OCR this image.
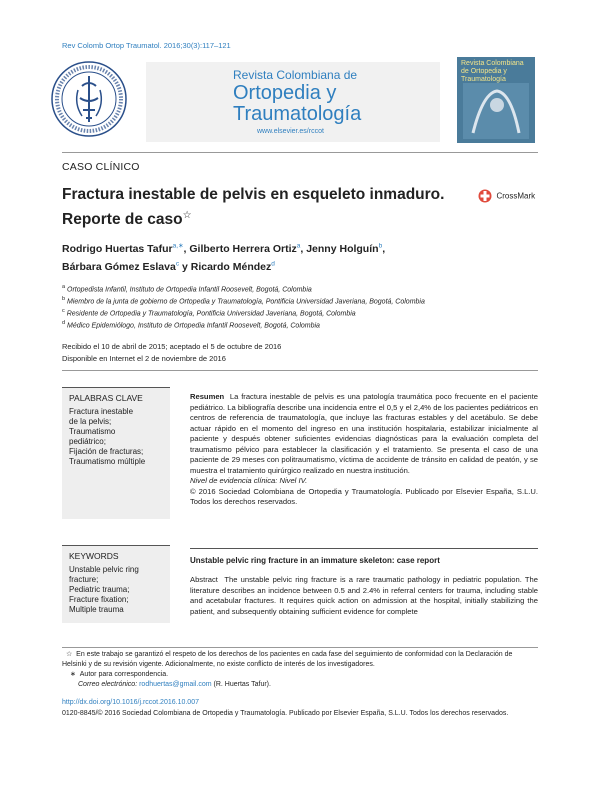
Rev Colomb Ortop Traumatol. 2016;30(3):117–121
Revista Colombiana de
Ortopedia y
Traumatología
www.elsevier.es/rccot
Revista Colombiana de Ortopedia y Traumatología
CASO CLÍNICO
Fractura inestable de pelvis en esqueleto inmaduro.
Reporte de caso☆
CrossMark
Rodrigo Huertas Tafur$^{a,∗}$, Gilberto Herrera Ortiz$^a$, Jenny Holguín$^b$,
Bárbara Gómez Eslava$^c$ y Ricardo Méndez$^d$
$^a$ Ortopedista Infantil, Instituto de Ortopedia Infantil Roosevelt, Bogotá, Colombia
$^b$ Miembro de la junta de gobierno de Ortopedia y Traumatología, Pontificia Universidad Javeriana, Bogotá, Colombia
$^c$ Residente de Ortopedia y Traumatología, Pontificia Universidad Javeriana, Bogotá, Colombia
$^d$ Médico Epidemiólogo, Instituto de Ortopedia Infantil Roosevelt, Bogotá, Colombia
Recibido el 10 de abril de 2015; aceptado el 5 de octubre de 2016
Disponible en Internet el 2 de noviembre de 2016
PALABRAS CLAVE
Fractura inestable
de la pelvis;
Traumatismo
pediátrico;
Fijación de fracturas;
Traumatismo múltiple
Resumen La fractura inestable de pelvis es una patología traumática poco frecuente en el paciente pediátrico. La bibliografía describe una incidencia entre el 0,5 y el 2,4% de los pacientes pediátricos en centros de referencia de traumatología, que incluye las fracturas estables y del acetábulo. Se debe actuar rápido en el momento del ingreso en una institución hospitalaria, estabilizar inicialmente al paciente y después obtener suficientes evidencias diagnósticas para la evaluación completa del traumatismo pélvico para establecer la clasificación y el tratamiento. Se presenta el caso de una paciente de 29 meses con politraumatismo, víctima de accidente de tránsito en calidad de peatón, y se muestra el tratamiento quirúrgico realizado en nuestra institución.
Nivel de evidencia clínica: Nivel IV.
© 2016 Sociedad Colombiana de Ortopedia y Traumatología. Publicado por Elsevier España, S.L.U. Todos los derechos reservados.
KEYWORDS
Unstable pelvic ring
fracture;
Pediatric trauma;
Fracture fixation;
Multiple trauma
Unstable pelvic ring fracture in an immature skeleton: case report
Abstract The unstable pelvic ring fracture is a rare traumatic pathology in pediatric population. The literature describes an incidence between 0.5 and 2.4% in referral centers for trauma, including stable and acetabular fractures. It requires quick action on admission at the hospital, initially stabilizing the patient, and subsequently obtaining sufficient evidence for complete
☆ En este trabajo se garantizó el respeto de los derechos de los pacientes en cada fase del seguimiento de conformidad con la Declaración de Helsinki y de su revisión vigente. Adicionalmente, no existe conflicto de interés de los investigadores.
∗  Autor para correspondencia.
Correo electrónico: rodhuertas@gmail.com (R. Huertas Tafur).
http://dx.doi.org/10.1016/j.rccot.2016.10.007
0120-8845/© 2016 Sociedad Colombiana de Ortopedia y Traumatología. Publicado por Elsevier España, S.L.U. Todos los derechos reservados.
